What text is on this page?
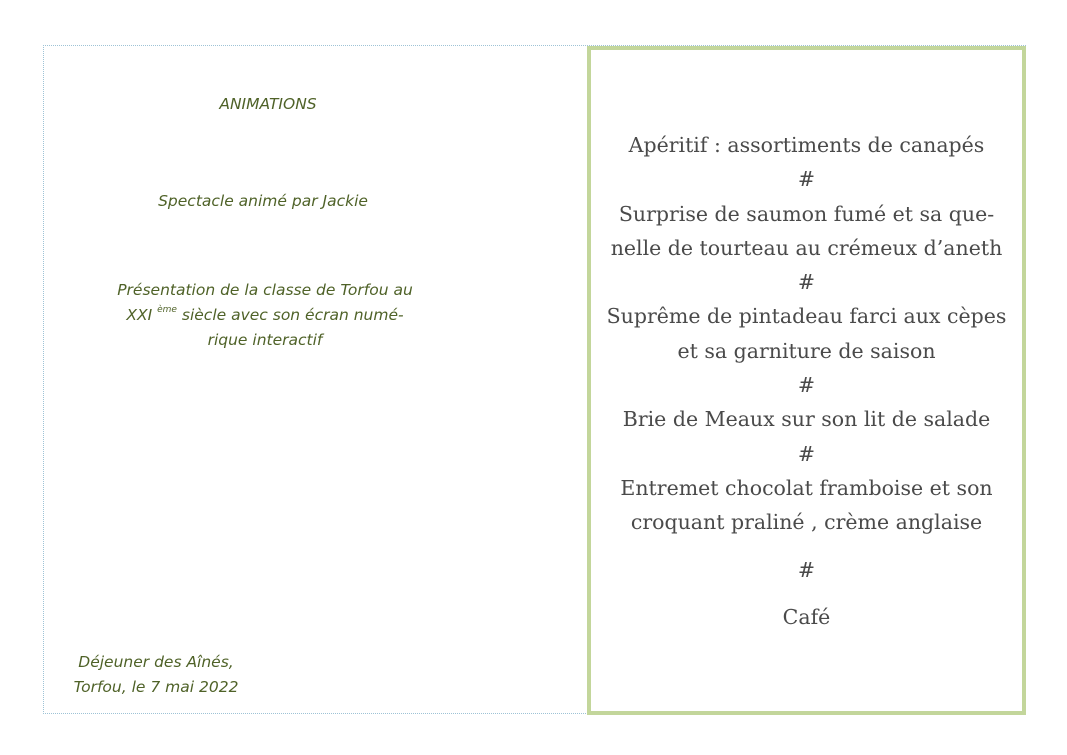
ANIMATIONS
Spectacle animé par Jackie
Présentation de la classe de Torfou au
XXI $^{ème}$ siècle avec son écran numé-
rique interactif
Déjeuner des Aînés,
Torfou, le 7 mai 2022
Apéritif : assortiments de canapés
#
Surprise de saumon fumé et sa que-
nelle de tourteau au crémeux d’aneth
#
Suprême de pintadeau farci aux cèpes
et sa garniture de saison
#
Brie de Meaux sur son lit de salade
#
Entremet chocolat framboise et son
croquant praliné , crème anglaise
#
Café
